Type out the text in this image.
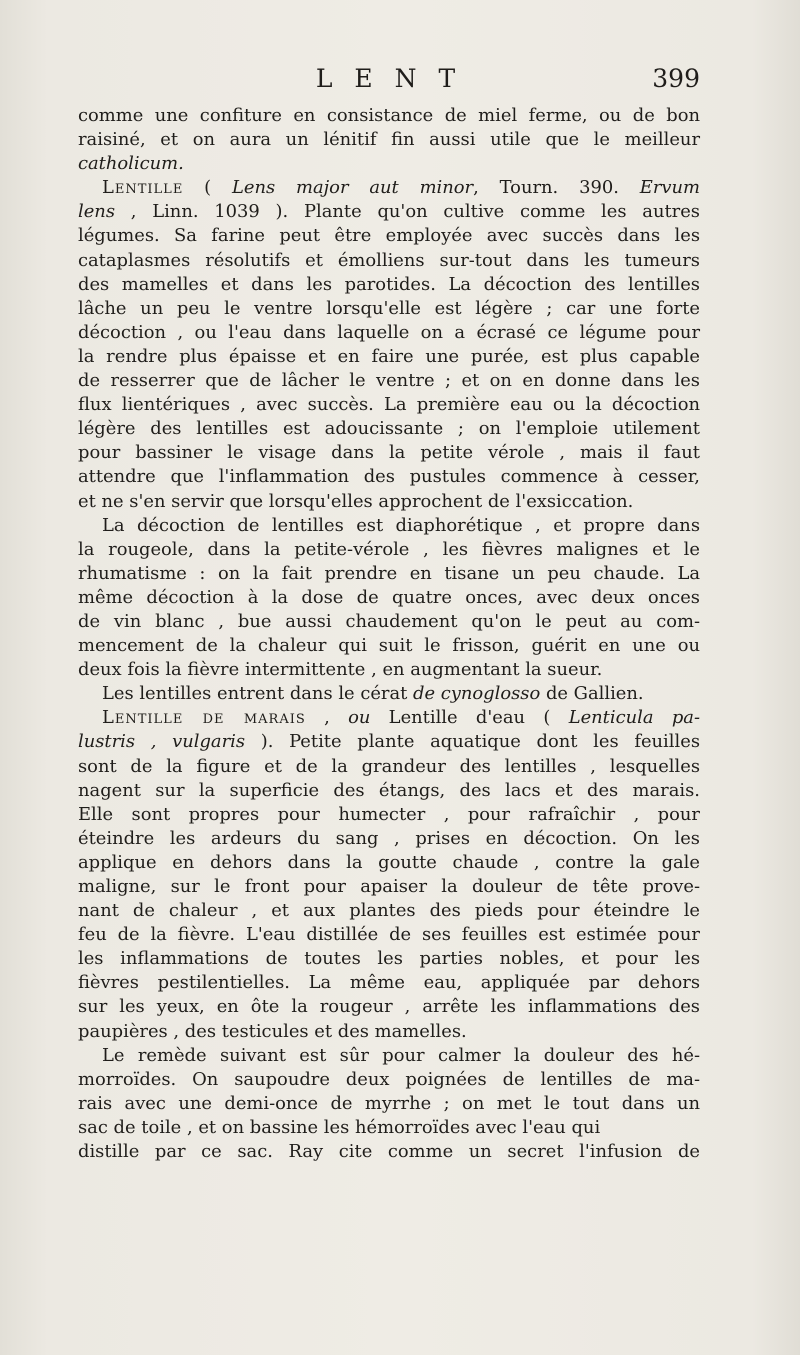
L E N T	399
comme une confiture en consistance de miel ferme, ou de bon
raisiné, et on aura un lénitif fin aussi utile que le meilleur
catholicum.
Lentille ( Lens major aut minor, Tourn. 390. Ervum
lens , Linn. 1039 ). Plante qu'on cultive comme les autres
légumes. Sa farine peut être employée avec succès dans les
cataplasmes résolutifs et émolliens sur-tout dans les tumeurs
des mamelles et dans les parotides. La décoction des lentilles
lâche un peu le ventre lorsqu'elle est légère ; car une forte
décoction , ou l'eau dans laquelle on a écrasé ce légume pour
la rendre plus épaisse et en faire une purée, est plus capable
de resserrer que de lâcher le ventre ; et on en donne dans les
flux lientériques , avec succès. La première eau ou la décoction
légère des lentilles est adoucissante ; on l'emploie utilement
pour bassiner le visage dans la petite vérole , mais il faut
attendre que l'inflammation des pustules commence à cesser,
et ne s'en servir que lorsqu'elles approchent de l'exsiccation.
La décoction de lentilles est diaphorétique , et propre dans
la rougeole, dans la petite-vérole , les fièvres malignes et le
rhumatisme : on la fait prendre en tisane un peu chaude. La
même décoction à la dose de quatre onces, avec deux onces
de vin blanc , bue aussi chaudement qu'on le peut au com-
mencement de la chaleur qui suit le frisson, guérit en une ou
deux fois la fièvre intermittente , en augmentant la sueur.
Les lentilles entrent dans le cérat de cynoglosso de Gallien.
Lentille de marais , ou Lentille d'eau ( Lenticula pa-
lustris , vulgaris ). Petite plante aquatique dont les feuilles
sont de la figure et de la grandeur des lentilles , lesquelles
nagent sur la superficie des étangs, des lacs et des marais.
Elle sont propres pour humecter , pour rafraîchir , pour
éteindre les ardeurs du sang , prises en décoction. On les
applique en dehors dans la goutte chaude , contre la gale
maligne, sur le front pour apaiser la douleur de tête prove-
nant de chaleur , et aux plantes des pieds pour éteindre le
feu de la fièvre. L'eau distillée de ses feuilles est estimée pour
les inflammations de toutes les parties nobles, et pour les
fièvres pestilentielles. La même eau, appliquée par dehors
sur les yeux, en ôte la rougeur , arrête les inflammations des
paupières , des testicules et des mamelles.
Le remède suivant est sûr pour calmer la douleur des hé-
morroïdes. On saupoudre deux poignées de lentilles de ma-
rais avec une demi-once de myrrhe ; on met le tout dans un
sac de toile , et on bassine les hémorroïdes avec l'eau qui
distille par ce sac. Ray cite comme un secret l'infusion de
